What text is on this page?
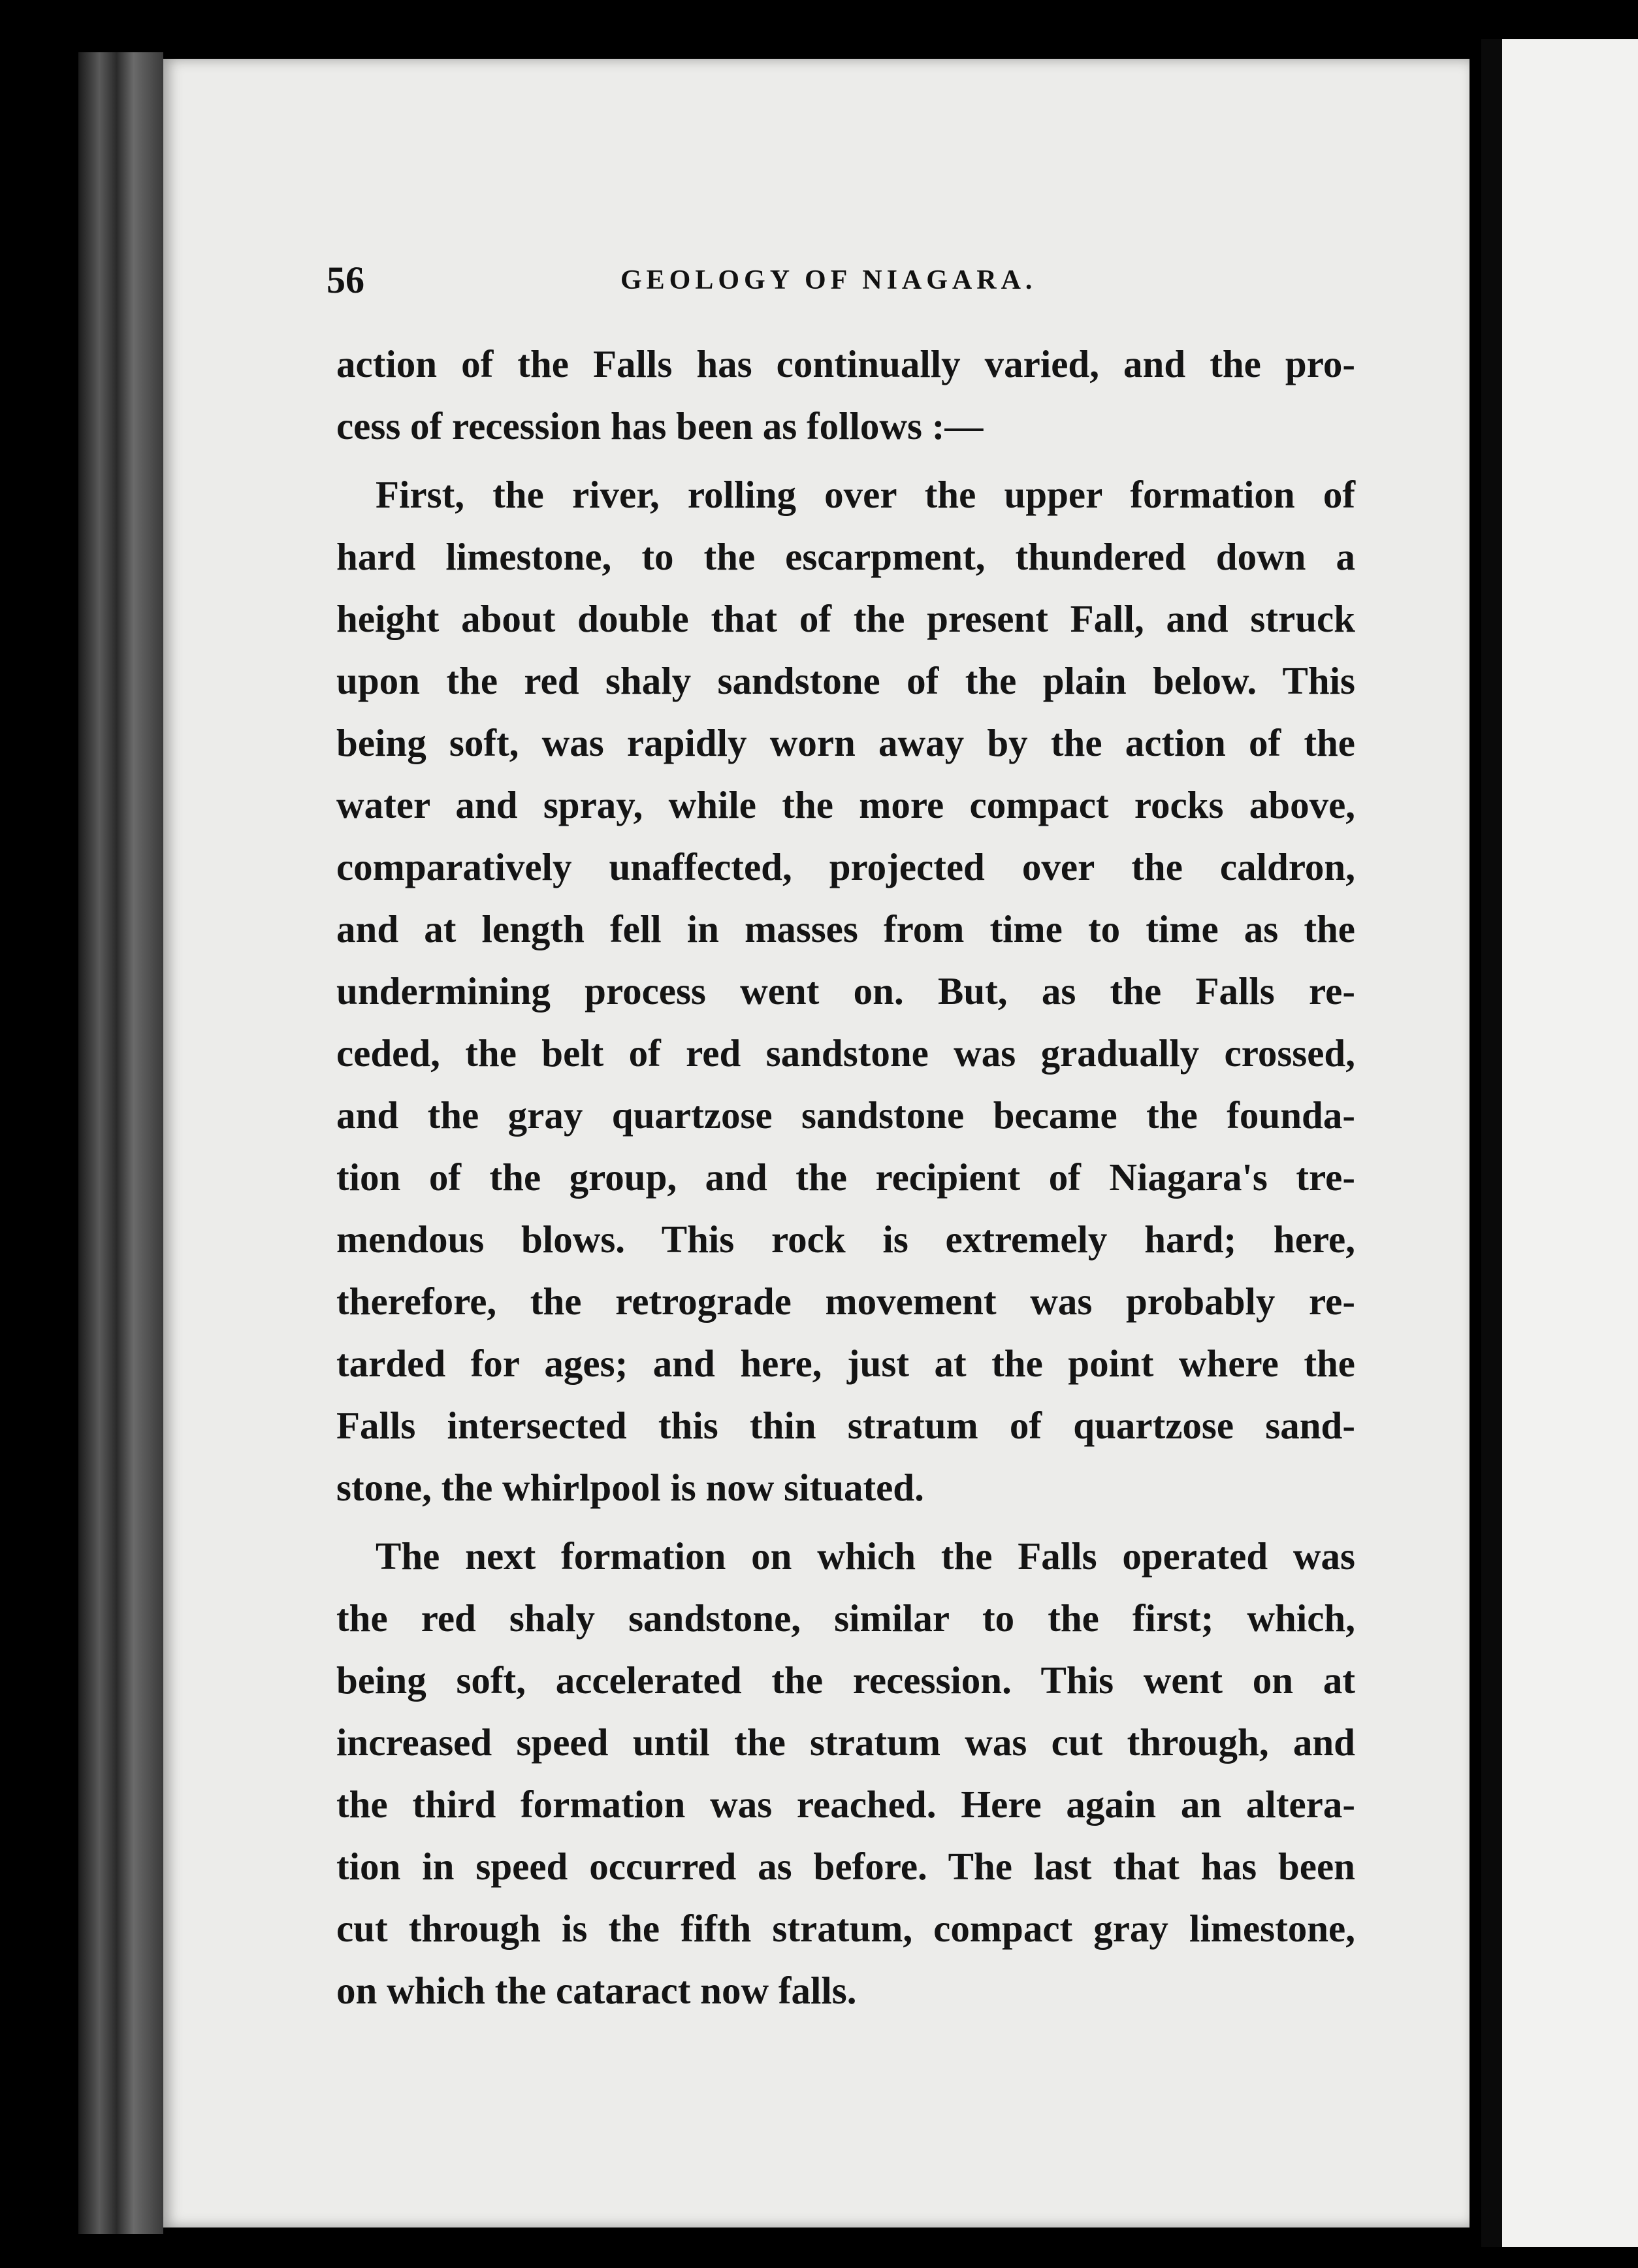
56	GEOLOGY OF NIAGARA.

action of the Falls has continually varied, and the pro-
cess of recession has been as follows :—

First, the river, rolling over the upper formation of
hard limestone, to the escarpment, thundered down a
height about double that of the present Fall, and struck
upon the red shaly sandstone of the plain below. This
being soft, was rapidly worn away by the action of the
water and spray, while the more compact rocks above,
comparatively unaffected, projected over the caldron,
and at length fell in masses from time to time as the
undermining process went on. But, as the Falls re-
ceded, the belt of red sandstone was gradually crossed,
and the gray quartzose sandstone became the founda-
tion of the group, and the recipient of Niagara's tre-
mendous blows. This rock is extremely hard; here,
therefore, the retrograde movement was probably re-
tarded for ages; and here, just at the point where the
Falls intersected this thin stratum of quartzose sand-
stone, the whirlpool is now situated.

The next formation on which the Falls operated was
the red shaly sandstone, similar to the first; which,
being soft, accelerated the recession. This went on at
increased speed until the stratum was cut through, and
the third formation was reached. Here again an altera-
tion in speed occurred as before. The last that has been
cut through is the fifth stratum, compact gray limestone,
on which the cataract now falls.
